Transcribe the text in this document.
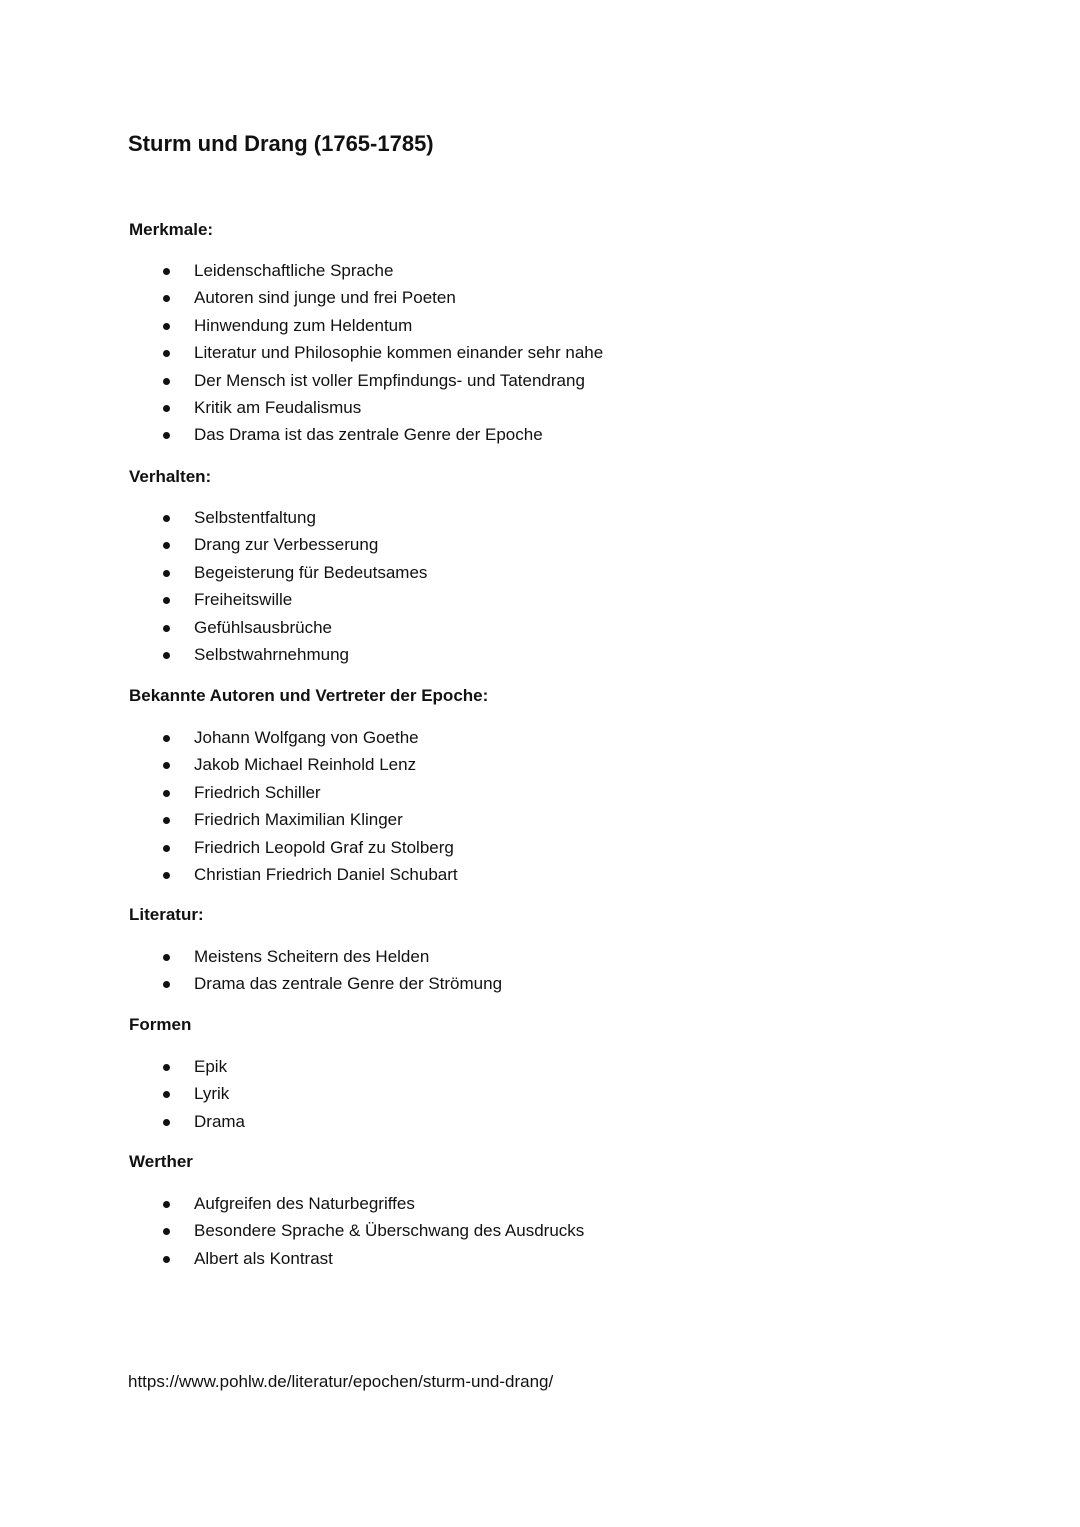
Sturm und Drang (1765-1785)
Merkmale:
Leidenschaftliche Sprache
Autoren sind junge und frei Poeten
Hinwendung zum Heldentum
Literatur und Philosophie kommen einander sehr nahe
Der Mensch ist voller Empfindungs- und Tatendrang
Kritik am Feudalismus
Das Drama ist das zentrale Genre der Epoche
Verhalten:
Selbstentfaltung
Drang zur Verbesserung
Begeisterung für Bedeutsames
Freiheitswille
Gefühlsausbrüche
Selbstwahrnehmung
Bekannte Autoren und Vertreter der Epoche:
Johann Wolfgang von Goethe
Jakob Michael Reinhold Lenz
Friedrich Schiller
Friedrich Maximilian Klinger
Friedrich Leopold Graf zu Stolberg
Christian Friedrich Daniel Schubart
Literatur:
Meistens Scheitern des Helden
Drama das zentrale Genre der Strömung
Formen
Epik
Lyrik
Drama
Werther
Aufgreifen des Naturbegriffes
Besondere Sprache & Überschwang des Ausdrucks
Albert als Kontrast
https://www.pohlw.de/literatur/epochen/sturm-und-drang/
